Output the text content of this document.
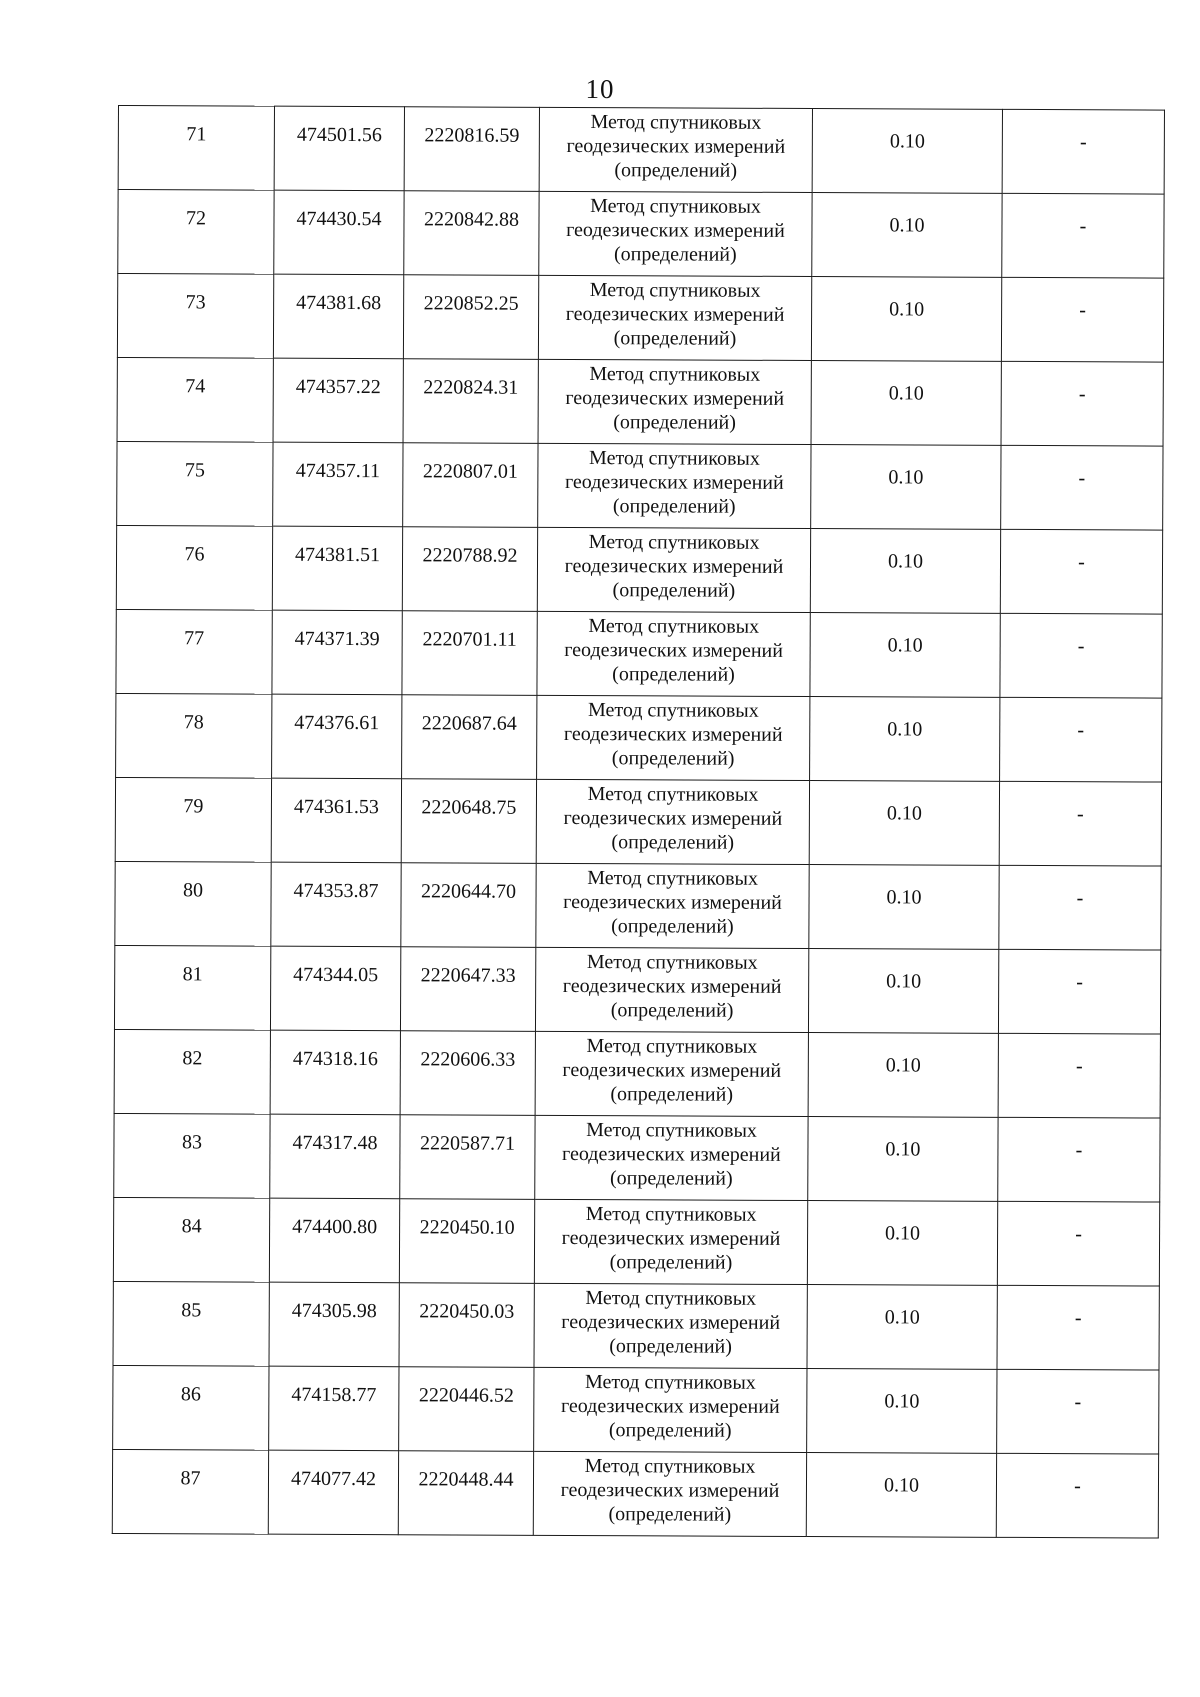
10
71	474501.56	2220816.59	Метод спутниковых
геодезических измерений
(определений)	0.10	-
72	474430.54	2220842.88	Метод спутниковых
геодезических измерений
(определений)	0.10	-
73	474381.68	2220852.25	Метод спутниковых
геодезических измерений
(определений)	0.10	-
74	474357.22	2220824.31	Метод спутниковых
геодезических измерений
(определений)	0.10	-
75	474357.11	2220807.01	Метод спутниковых
геодезических измерений
(определений)	0.10	-
76	474381.51	2220788.92	Метод спутниковых
геодезических измерений
(определений)	0.10	-
77	474371.39	2220701.11	Метод спутниковых
геодезических измерений
(определений)	0.10	-
78	474376.61	2220687.64	Метод спутниковых
геодезических измерений
(определений)	0.10	-
79	474361.53	2220648.75	Метод спутниковых
геодезических измерений
(определений)	0.10	-
80	474353.87	2220644.70	Метод спутниковых
геодезических измерений
(определений)	0.10	-
81	474344.05	2220647.33	Метод спутниковых
геодезических измерений
(определений)	0.10	-
82	474318.16	2220606.33	Метод спутниковых
геодезических измерений
(определений)	0.10	-
83	474317.48	2220587.71	Метод спутниковых
геодезических измерений
(определений)	0.10	-
84	474400.80	2220450.10	Метод спутниковых
геодезических измерений
(определений)	0.10	-
85	474305.98	2220450.03	Метод спутниковых
геодезических измерений
(определений)	0.10	-
86	474158.77	2220446.52	Метод спутниковых
геодезических измерений
(определений)	0.10	-
87	474077.42	2220448.44	Метод спутниковых
геодезических измерений
(определений)	0.10	-
